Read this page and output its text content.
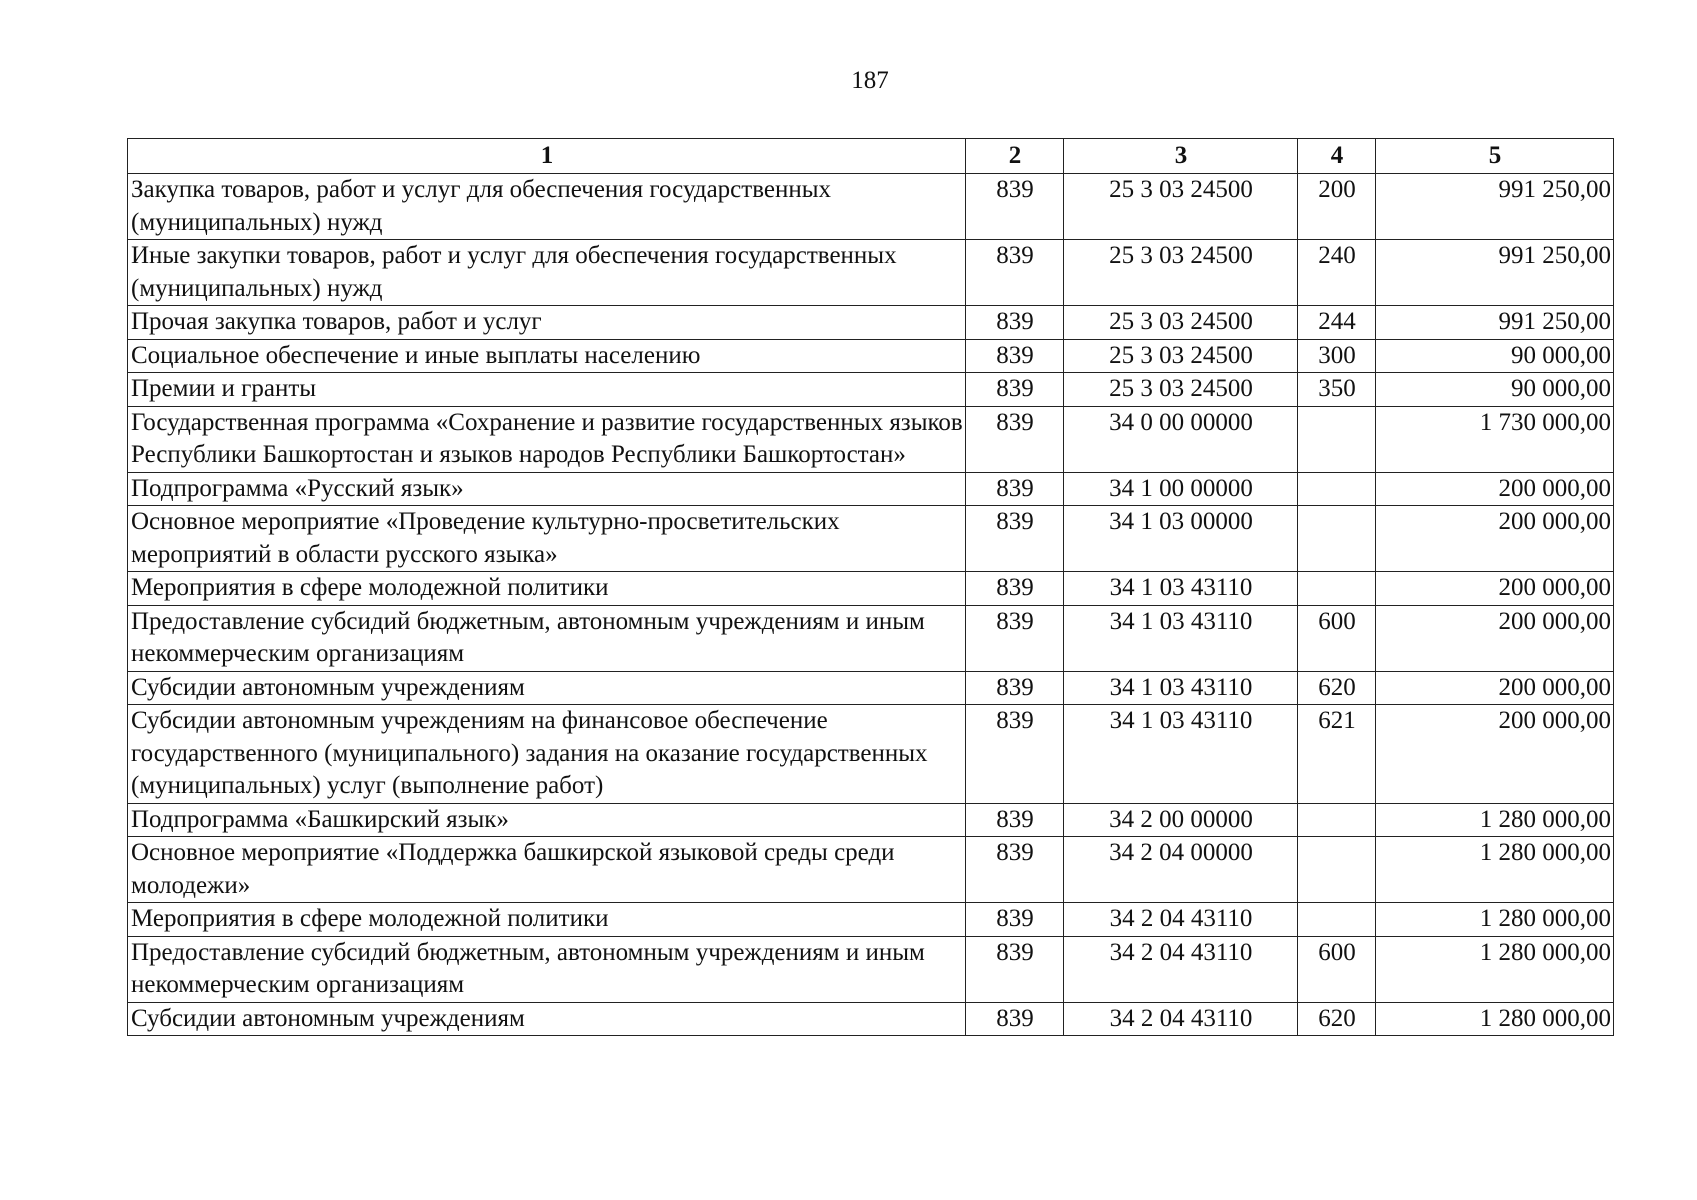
187
1	2	3	4	5
Закупка товаров, работ и услуг для обеспечения государственных (муниципальных) нужд	839	25 3 03 24500	200	991 250,00
Иные закупки товаров, работ и услуг для обеспечения государственных (муниципальных) нужд	839	25 3 03 24500	240	991 250,00
Прочая закупка товаров, работ и услуг	839	25 3 03 24500	244	991 250,00
Социальное обеспечение и иные выплаты населению	839	25 3 03 24500	300	90 000,00
Премии и гранты	839	25 3 03 24500	350	90 000,00
Государственная программа «Сохранение и развитие государственных языков Республики Башкортостан и языков народов Республики Башкортостан»	839	34 0 00 00000		1 730 000,00
Подпрограмма «Русский язык»	839	34 1 00 00000		200 000,00
Основное мероприятие «Проведение культурно-просветительских мероприятий в области русского языка»	839	34 1 03 00000		200 000,00
Мероприятия в сфере молодежной политики	839	34 1 03 43110		200 000,00
Предоставление субсидий бюджетным, автономным учреждениям и иным некоммерческим организациям	839	34 1 03 43110	600	200 000,00
Субсидии автономным учреждениям	839	34 1 03 43110	620	200 000,00
Субсидии автономным учреждениям на финансовое обеспечение государственного (муниципального) задания на оказание государственных (муниципальных) услуг (выполнение работ)	839	34 1 03 43110	621	200 000,00
Подпрограмма «Башкирский язык»	839	34 2 00 00000		1 280 000,00
Основное мероприятие «Поддержка башкирской языковой среды среди молодежи»	839	34 2 04 00000		1 280 000,00
Мероприятия в сфере молодежной политики	839	34 2 04 43110		1 280 000,00
Предоставление субсидий бюджетным, автономным учреждениям и иным некоммерческим организациям	839	34 2 04 43110	600	1 280 000,00
Субсидии автономным учреждениям	839	34 2 04 43110	620	1 280 000,00
